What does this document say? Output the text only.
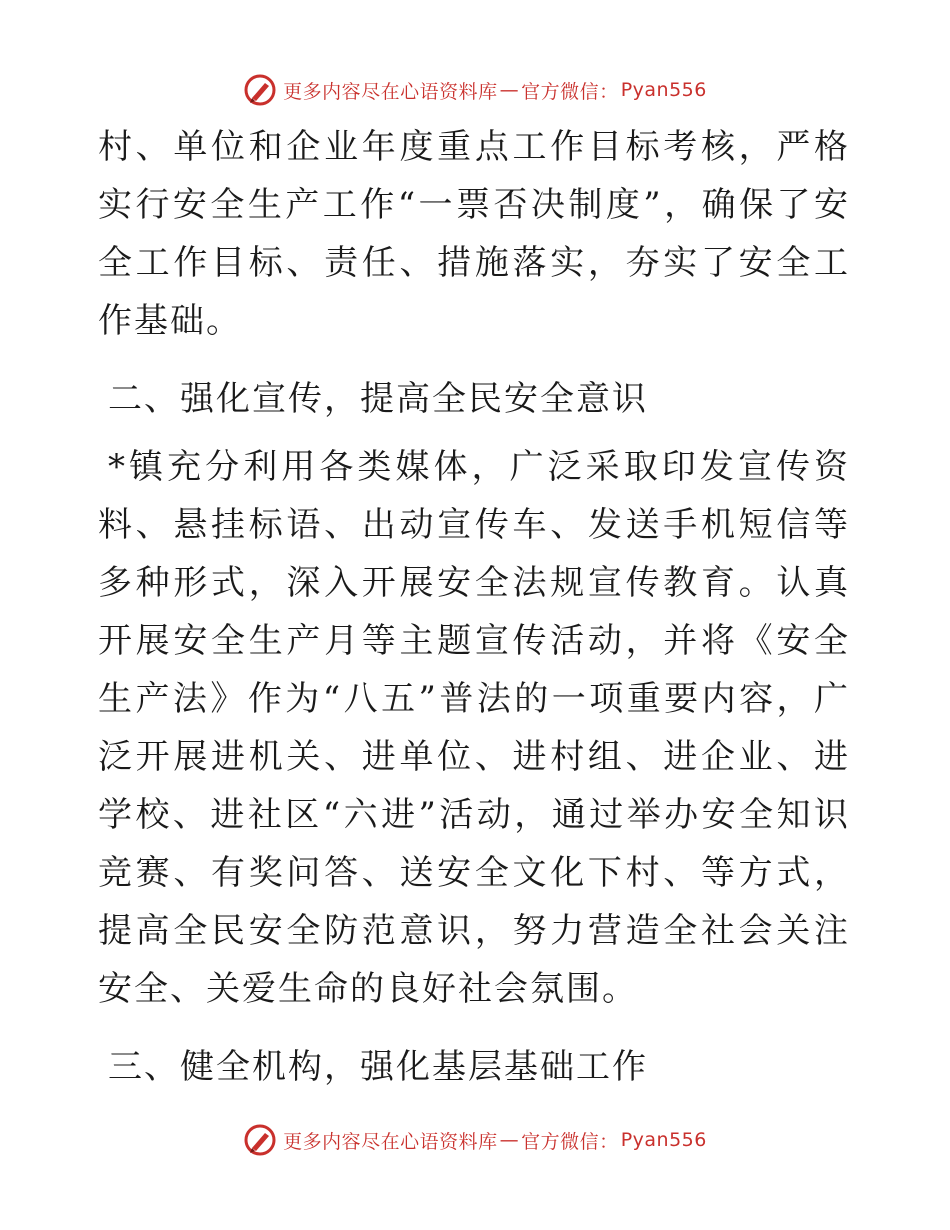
更多内容尽在心语资料库 — 官方微信： Pyan556

村、单位和企业年度重点工作目标考核，严格实行安全生产工作“一票否决制度”，确保了安全工作目标、责任、措施落实，夯实了安全工作基础。

二、强化宣传，提高全民安全意识

*镇充分利用各类媒体，广泛采取印发宣传资料、悬挂标语、出动宣传车、发送手机短信等多种形式，深入开展安全法规宣传教育。认真开展安全生产月等主题宣传活动，并将《安全生产法》作为“八五”普法的一项重要内容，广泛开展进机关、进单位、进村组、进企业、进学校、进社区“六进”活动，通过举办安全知识竞赛、有奖问答、送安全文化下村、等方式，提高全民安全防范意识，努力营造全社会关注安全、关爱生命的良好社会氛围。

三、健全机构，强化基层基础工作

更多内容尽在心语资料库 — 官方微信： Pyan556
